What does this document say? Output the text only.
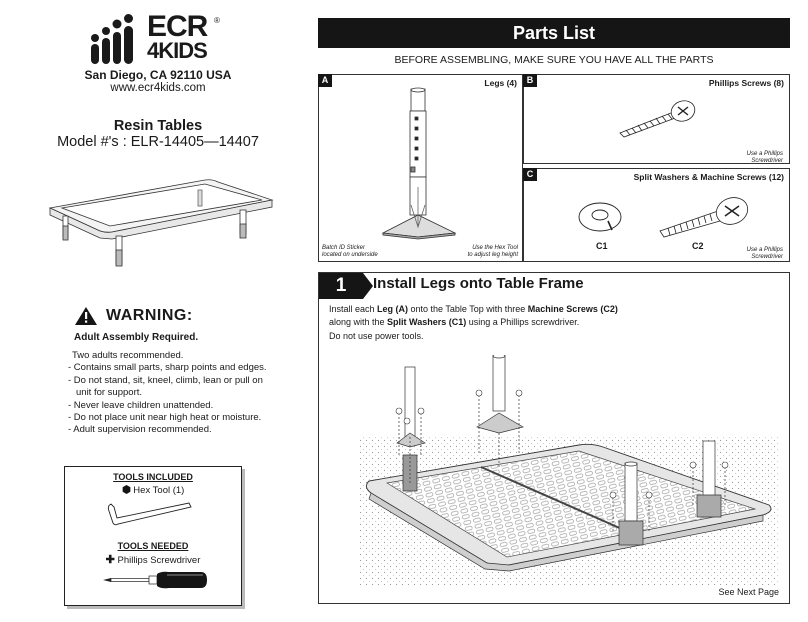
ECR ®
4KIDS
San Diego, CA 92110 USA
www.ecr4kids.com
Resin Tables
Model #'s : ELR-14405—14407
WARNING:
Adult Assembly Required.
Two adults recommended.
- Contains small parts, sharp points and edges.
- Do not stand, sit, kneel, climb, lean or pull on
unit for support.
- Never leave children unattended.
- Do not place unit near high heat or moisture.
- Adult supervision recommended.
TOOLS INCLUDED
Hex Tool (1)
TOOLS NEEDED
✚ Phillips Screwdriver
Parts List
BEFORE ASSEMBLING, MAKE SURE YOU HAVE ALL THE PARTS
A	Legs (4)
Batch ID Sticker
located on underside
Use the Hex Tool
to adjust leg height
B	Phillips Screws (8)
Use a Phillips
Screwdriver
C	Split Washers & Machine Screws (12)
C1	C2	Use a Phillips
Screwdriver
1	Install Legs onto Table Frame
Install each Leg (A) onto the Table Top with three Machine Screws (C2)
along with the Split Washers (C1) using a Phillips screwdriver.
Do not use power tools.
See Next Page
